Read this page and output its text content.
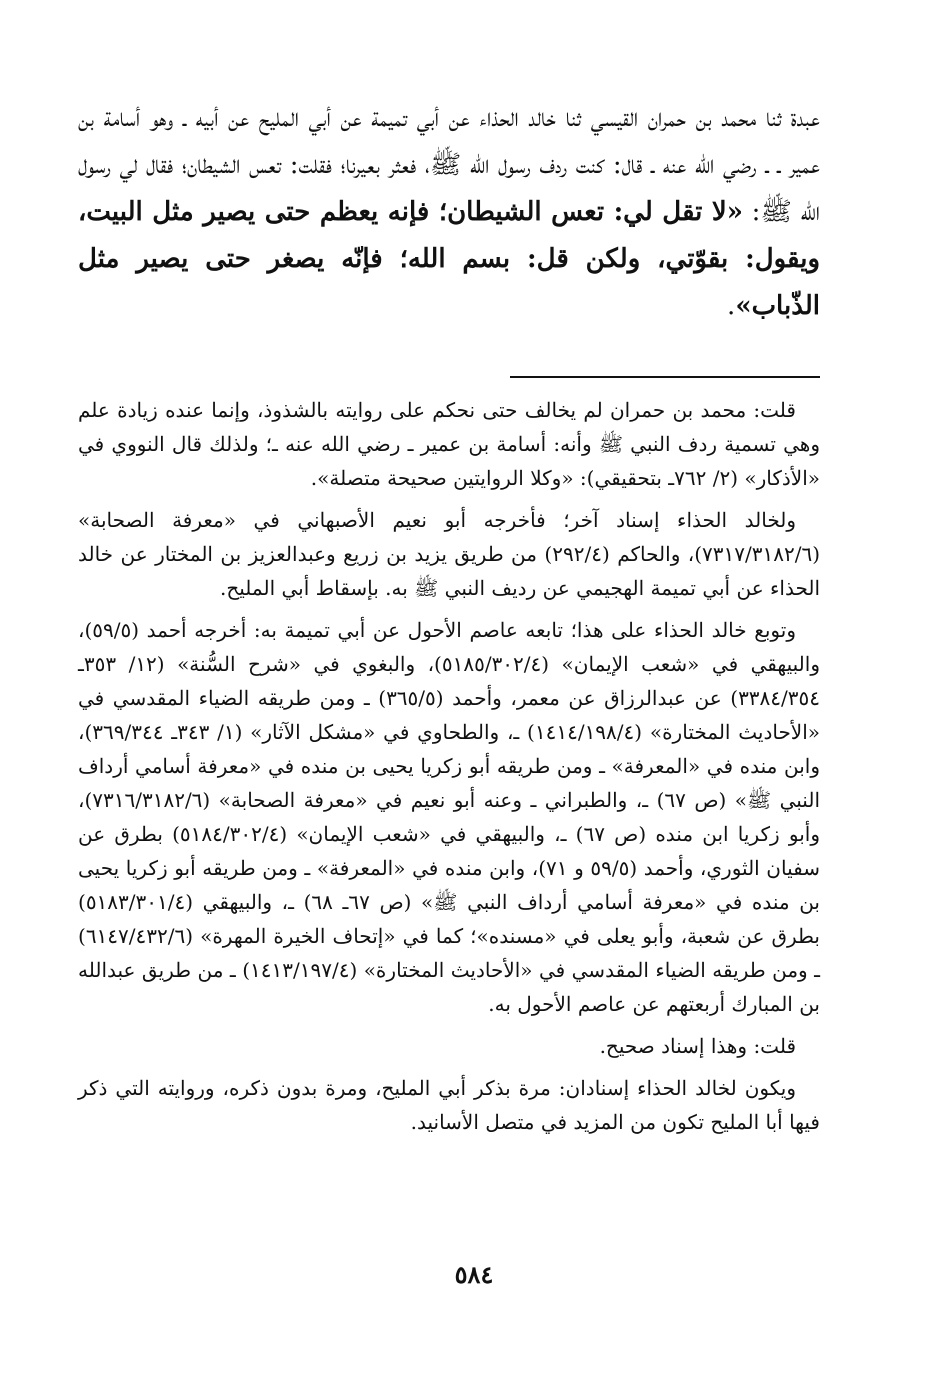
عبدة ثنا محمد بن حمران القيسي ثنا خالد الحذاء عن أبي تميمة عن أبي المليح عن أبيه ـ وهو أسامة بن عمير ـ ـ رضي الله عنه ـ قال: كنت ردف رسول الله ﷺ، فعثر بعيرنا؛ فقلت: تعس الشيطان؛ فقال لي رسول الله ﷺ: «لا تقل لي: تعس الشيطان؛ فإنه يعظم حتى يصير مثل البيت، ويقول: بقوّتي، ولكن قل: بسم الله؛ فإنّه يصغر حتى يصير مثل الذّباب».

قلت: محمد بن حمران لم يخالف حتى نحكم على روايته بالشذوذ، وإنما عنده زيادة علم وهي تسمية ردف النبي ﷺ وأنه: أسامة بن عمير ـ رضي الله عنه ـ؛ ولذلك قال النووي في «الأذكار» (٢/ ٧٦٢ـ بتحقيقي): «وكلا الروايتين صحيحة متصلة».

ولخالد الحذاء إسناد آخر؛ فأخرجه أبو نعيم الأصبهاني في «معرفة الصحابة» (٧٣١٧/٣١٨٢/٦)، والحاكم (٢٩٢/٤) من طريق يزيد بن زريع وعبدالعزيز بن المختار عن خالد الحذاء عن أبي تميمة الهجيمي عن رديف النبي ﷺ به. بإسقاط أبي المليح.

وتوبع خالد الحذاء على هذا؛ تابعه عاصم الأحول عن أبي تميمة به: أخرجه أحمد (٥٩/٥)، والبيهقي في «شعب الإيمان» (٥١٨٥/٣٠٢/٤)، والبغوي في «شرح السُّنة» (١٢/ ٣٥٣ـ ٣٣٨٤/٣٥٤) عن عبدالرزاق عن معمر، وأحمد (٣٦٥/٥) ـ ومن طريقه الضياء المقدسي في «الأحاديث المختارة» (١٤١٤/١٩٨/٤) ـ، والطحاوي في «مشكل الآثار» (١/ ٣٤٣ـ ٣٦٩/٣٤٤)، وابن منده في «المعرفة» ـ ومن طريقه أبو زكريا يحيى بن منده في «معرفة أسامي أرداف النبي ﷺ» (ص ٦٧) ـ، والطبراني ـ وعنه أبو نعيم في «معرفة الصحابة» (٧٣١٦/٣١٨٢/٦)، وأبو زكريا ابن منده (ص ٦٧) ـ، والبيهقي في «شعب الإيمان» (٥١٨٤/٣٠٢/٤) بطرق عن سفيان الثوري، وأحمد (٥٩/٥ و ٧١)، وابن منده في «المعرفة» ـ ومن طريقه أبو زكريا يحيى بن منده في «معرفة أسامي أرداف النبي ﷺ» (ص ٦٧ـ ٦٨) ـ، والبيهقي (٥١٨٣/٣٠١/٤) بطرق عن شعبة، وأبو يعلى في «مسنده»؛ كما في «إتحاف الخيرة المهرة» (٦١٤٧/٤٣٢/٦) ـ ومن طريقه الضياء المقدسي في «الأحاديث المختارة» (١٤١٣/١٩٧/٤) ـ من طريق عبدالله بن المبارك أربعتهم عن عاصم الأحول به.

قلت: وهذا إسناد صحيح.

ويكون لخالد الحذاء إسنادان: مرة بذكر أبي المليح، ومرة بدون ذكره، وروايته التي ذكر فيها أبا المليح تكون من المزيد في متصل الأسانيد.

٥٨٤
